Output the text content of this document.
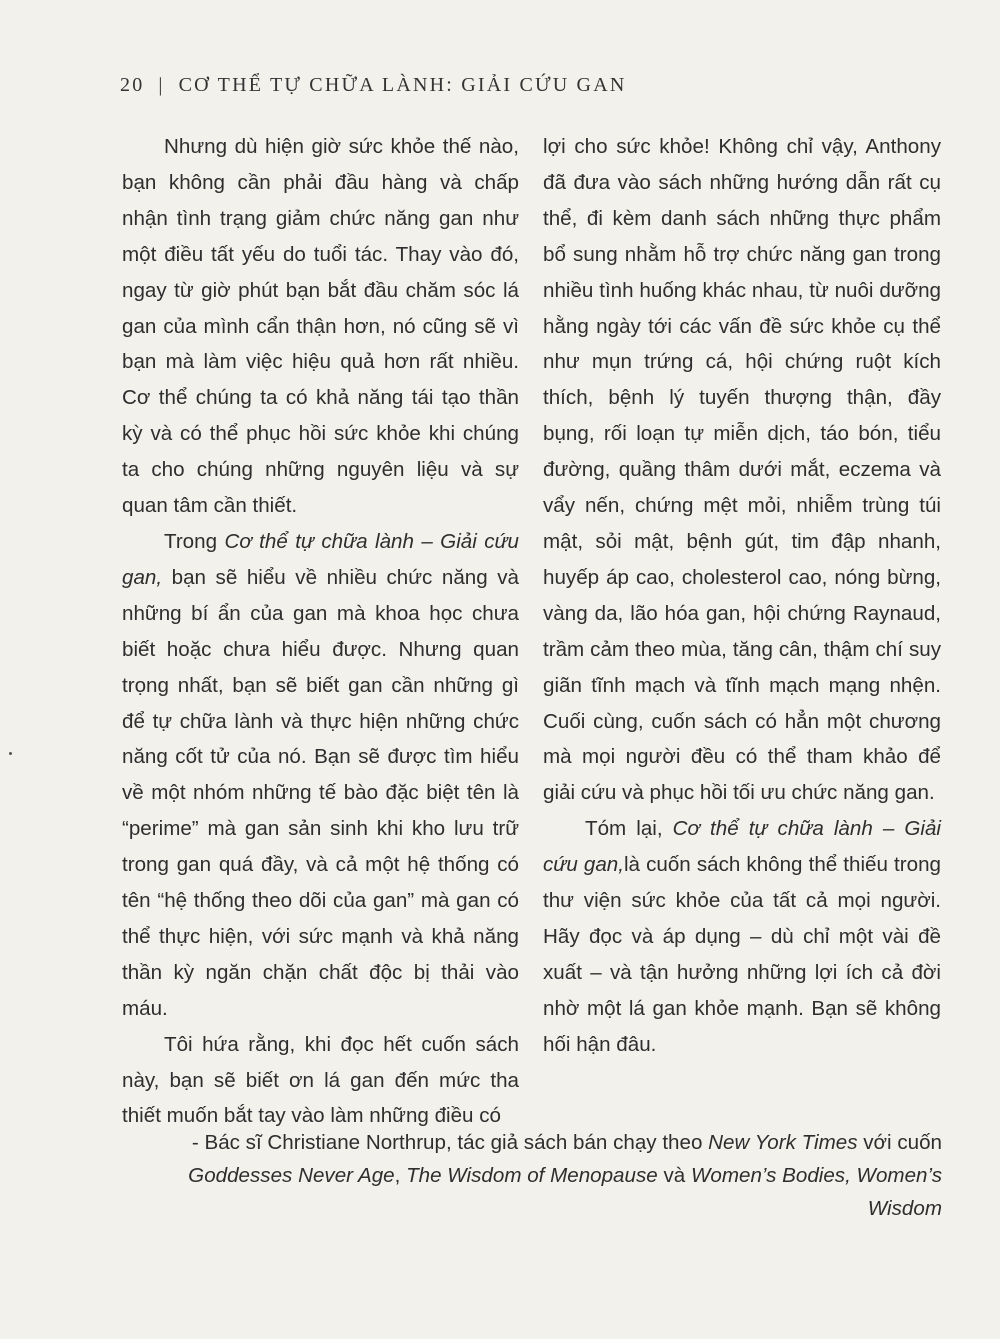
20 | CƠ THỂ TỰ CHỮA LÀNH: GIẢI CỨU GAN

Nhưng dù hiện giờ sức khỏe thế nào, bạn không cần phải đầu hàng và chấp nhận tình trạng giảm chức năng gan như một điều tất yếu do tuổi tác. Thay vào đó, ngay từ giờ phút bạn bắt đầu chăm sóc lá gan của mình cẩn thận hơn, nó cũng sẽ vì bạn mà làm việc hiệu quả hơn rất nhiều. Cơ thể chúng ta có khả năng tái tạo thần kỳ và có thể phục hồi sức khỏe khi chúng ta cho chúng những nguyên liệu và sự quan tâm cần thiết.

Trong Cơ thể tự chữa lành – Giải cứu gan, bạn sẽ hiểu về nhiều chức năng và những bí ẩn của gan mà khoa học chưa biết hoặc chưa hiểu được. Nhưng quan trọng nhất, bạn sẽ biết gan cần những gì để tự chữa lành và thực hiện những chức năng cốt tử của nó. Bạn sẽ được tìm hiểu về một nhóm những tế bào đặc biệt tên là “perime” mà gan sản sinh khi kho lưu trữ trong gan quá đầy, và cả một hệ thống có tên “hệ thống theo dõi của gan” mà gan có thể thực hiện, với sức mạnh và khả năng thần kỳ ngăn chặn chất độc bị thải vào máu.

Tôi hứa rằng, khi đọc hết cuốn sách này, bạn sẽ biết ơn lá gan đến mức tha thiết muốn bắt tay vào làm những điều có

lợi cho sức khỏe! Không chỉ vậy, Anthony đã đưa vào sách những hướng dẫn rất cụ thể, đi kèm danh sách những thực phẩm bổ sung nhằm hỗ trợ chức năng gan trong nhiều tình huống khác nhau, từ nuôi dưỡng hằng ngày tới các vấn đề sức khỏe cụ thể như mụn trứng cá, hội chứng ruột kích thích, bệnh lý tuyến thượng thận, đầy bụng, rối loạn tự miễn dịch, táo bón, tiểu đường, quầng thâm dưới mắt, eczema và vẩy nến, chứng mệt mỏi, nhiễm trùng túi mật, sỏi mật, bệnh gút, tim đập nhanh, huyếp áp cao, cholesterol cao, nóng bừng, vàng da, lão hóa gan, hội chứng Raynaud, trầm cảm theo mùa, tăng cân, thậm chí suy giãn tĩnh mạch và tĩnh mạch mạng nhện. Cuối cùng, cuốn sách có hẳn một chương mà mọi người đều có thể tham khảo để giải cứu và phục hồi tối ưu chức năng gan.

Tóm lại, Cơ thể tự chữa lành – Giải cứu gan,là cuốn sách không thể thiếu trong thư viện sức khỏe của tất cả mọi người. Hãy đọc và áp dụng – dù chỉ một vài đề xuất – và tận hưởng những lợi ích cả đời nhờ một lá gan khỏe mạnh. Bạn sẽ không hối hận đâu.

- Bác sĩ Christiane Northrup, tác giả sách bán chạy theo New York Times với cuốn
Goddesses Never Age, The Wisdom of Menopause và Women’s Bodies, Women’s Wisdom
